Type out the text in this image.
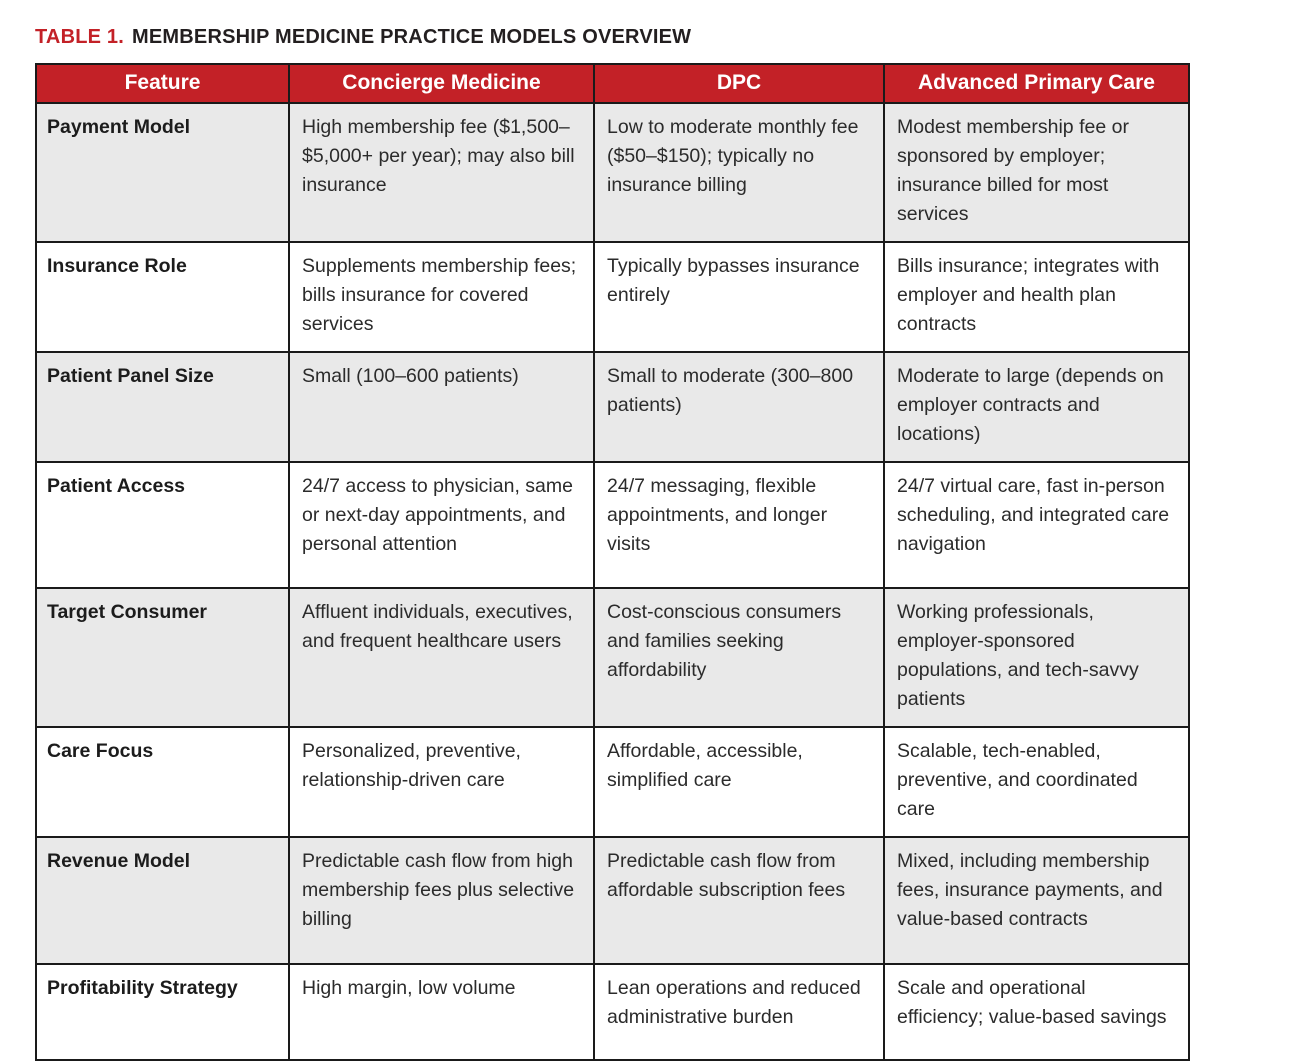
TABLE 1. MEMBERSHIP MEDICINE PRACTICE MODELS OVERVIEW
Feature	Concierge Medicine	DPC	Advanced Primary Care
Payment Model	High membership fee ($1,500–$5,000+ per year); may also bill insurance	Low to moderate monthly fee ($50–$150); typically no insurance billing	Modest membership fee or sponsored by employer; insurance billed for most services
Insurance Role	Supplements membership fees; bills insurance for covered services	Typically bypasses insurance entirely	Bills insurance; integrates with employer and health plan contracts
Patient Panel Size	Small (100–600 patients)	Small to moderate (300–800 patients)	Moderate to large (depends on employer contracts and locations)
Patient Access	24/7 access to physician, same or next-day appointments, and personal attention	24/7 messaging, flexible appointments, and longer visits	24/7 virtual care, fast in-person scheduling, and integrated care navigation
Target Consumer	Affluent individuals, executives, and frequent healthcare users	Cost-conscious consumers and families seeking affordability	Working professionals, employer-sponsored populations, and tech-savvy patients
Care Focus	Personalized, preventive, relationship-driven care	Affordable, accessible, simplified care	Scalable, tech-enabled, preventive, and coordinated care
Revenue Model	Predictable cash flow from high membership fees plus selective billing	Predictable cash flow from affordable subscription fees	Mixed, including membership fees, insurance payments, and value-based contracts
Profitability Strategy	High margin, low volume	Lean operations and reduced administrative burden	Scale and operational efficiency; value-based savings
